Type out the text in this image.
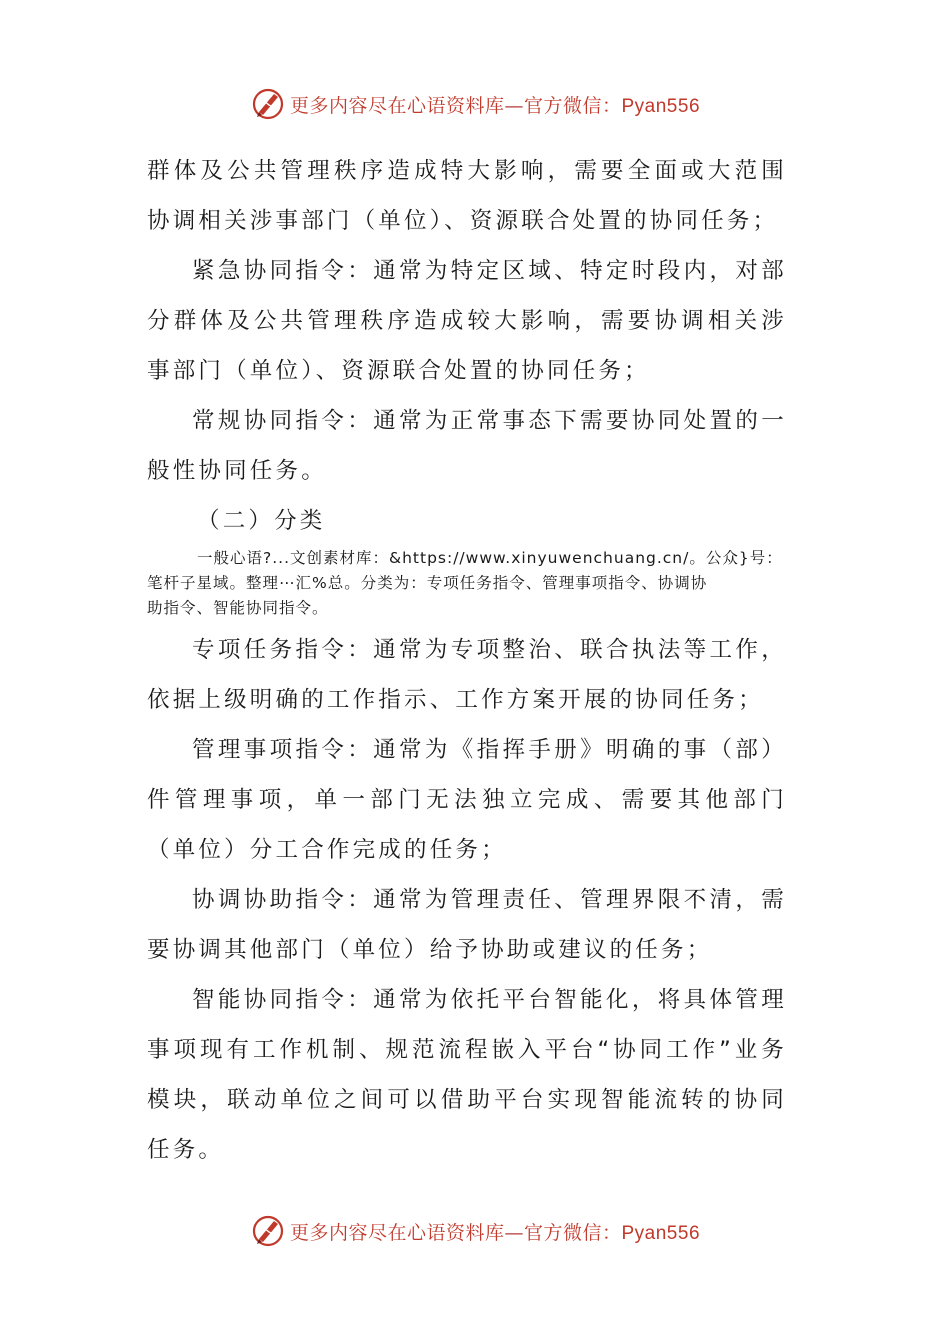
更多内容尽在心语资料库—官方微信：Pyan556

群体及公共管理秩序造成特大影响，需要全面或大范围协调相关涉事部门（单位）、资源联合处置的协同任务；

紧急协同指令：通常为特定区域、特定时段内，对部分群体及公共管理秩序造成较大影响，需要协调相关涉事部门（单位）、资源联合处置的协同任务；

常规协同指令：通常为正常事态下需要协同处置的一般性协同任务。

（二）分类

一般心语?...文创素材库：&https://www.xinyuwenchuang.cn/。公众}号：
笔杆子星域。整理⋯汇%总。分类为：专项任务指令、管理事项指令、协调协
助指令、智能协同指令。

专项任务指令：通常为专项整治、联合执法等工作，依据上级明确的工作指示、工作方案开展的协同任务；

管理事项指令：通常为《指挥手册》明确的事（部）件管理事项，单一部门无法独立完成、需要其他部门（单位）分工合作完成的任务；

协调协助指令：通常为管理责任、管理界限不清，需要协调其他部门（单位）给予协助或建议的任务；

智能协同指令：通常为依托平台智能化，将具体管理事项现有工作机制、规范流程嵌入平台“协同工作”业务模块，联动单位之间可以借助平台实现智能流转的协同任务。

更多内容尽在心语资料库—官方微信：Pyan556
